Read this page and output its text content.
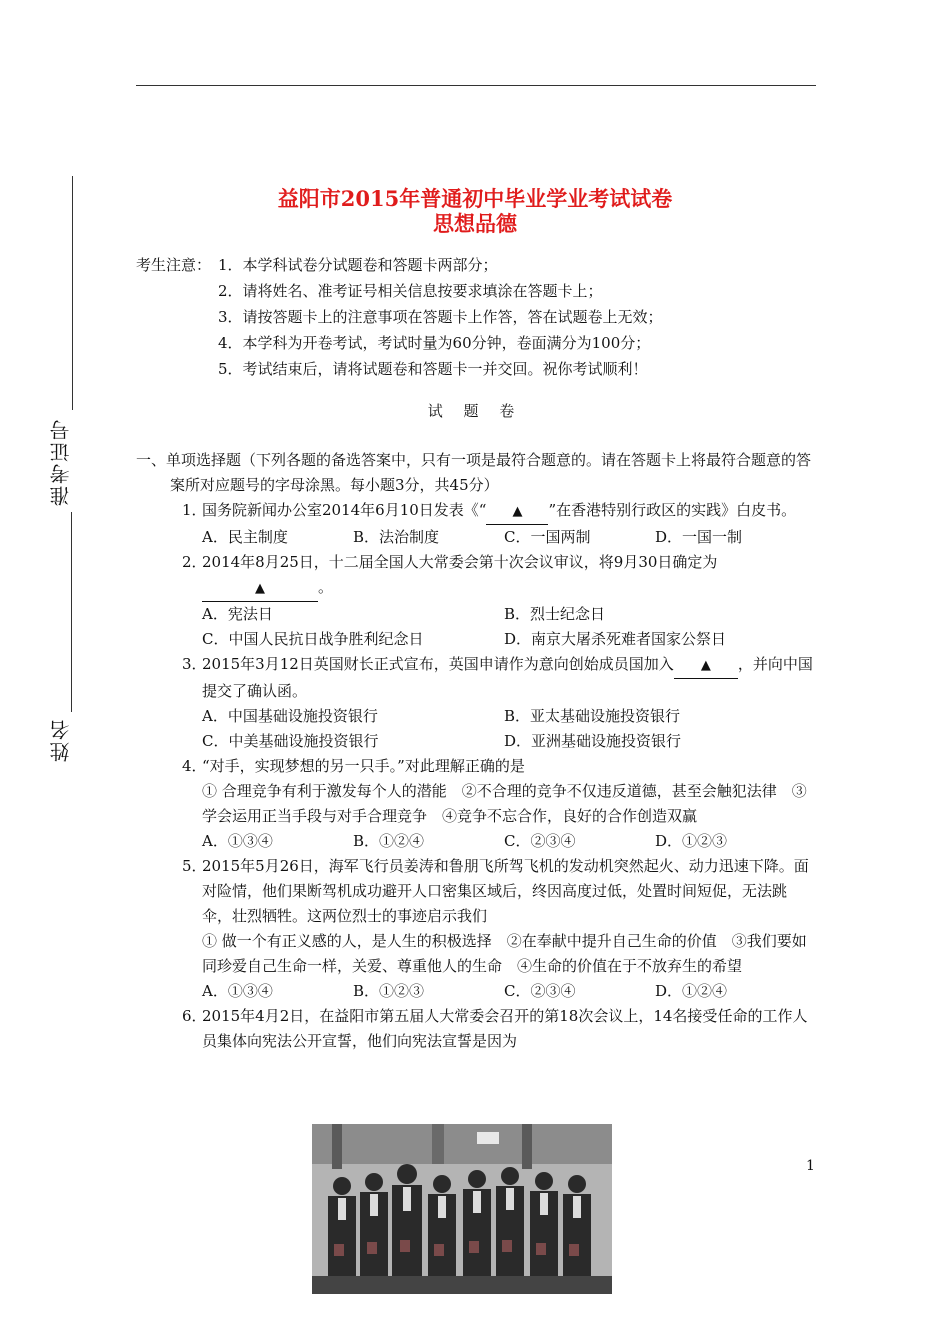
准考证号
姓名
益阳市2015年普通初中毕业学业考试试卷
思想品德
考生注意： 1．本学科试卷分试题卷和答题卡两部分；
2．请将姓名、准考证号相关信息按要求填涂在答题卡上；
3．请按答题卡上的注意事项在答题卡上作答，答在试题卷上无效；
4．本学科为开卷考试，考试时量为60分钟，卷面满分为100分；
5．考试结束后，请将试题卷和答题卡一并交回。祝你考试顺利！
试 题 卷
一、单项选择题（下列各题的备选答案中，只有一项是最符合题意的。请在答题卡上将最符合题意的答案所对应题号的字母涂黑。每小题3分，共45分）
1．国务院新闻办公室2014年6月10日发表《“ ▲ ”在香港特别行政区的实践》白皮书。
A．民主制度	B．法治制度	C．一国两制	D．一国一制
2．2014年8月25日，十二届全国人大常委会第十次会议审议，将9月30日确定为
▲	。
A．宪法日	B．烈士纪念日
C．中国人民抗日战争胜利纪念日	D．南京大屠杀死难者国家公祭日
3．2015年3月12日英国财长正式宣布，英国申请作为意向创始成员国加入 ▲ ，并向中国提交了确认函。
A．中国基础设施投资银行	B．亚太基础设施投资银行
C．中美基础设施投资银行	D．亚洲基础设施投资银行
4．“对手，实现梦想的另一只手。”对此理解正确的是
① 合理竞争有利于激发每个人的潜能　②不合理的竞争不仅违反道德，甚至会触犯法律　③学会运用正当手段与对手合理竞争　④竞争不忘合作，良好的合作创造双赢
A．①③④	B．①②④	C．②③④	D．①②③
5．2015年5月26日，海军飞行员姜涛和鲁朋飞所驾飞机的发动机突然起火、动力迅速下降。面对险情，他们果断驾机成功避开人口密集区域后，终因高度过低，处置时间短促，无法跳伞，壮烈牺牲。这两位烈士的事迹启示我们
① 做一个有正义感的人，是人生的积极选择　②在奉献中提升自己生命的价值　③我们要如同珍爱自己生命一样，关爱、尊重他人的生命　④生命的价值在于不放弃生的希望
A．①③④	B．①②③	C．②③④	D．①②④
6．2015年4月2日，在益阳市第五届人大常委会召开的第18次会议上，14名接受任命的工作人员集体向宪法公开宣誓，他们向宪法宣誓是因为
1
